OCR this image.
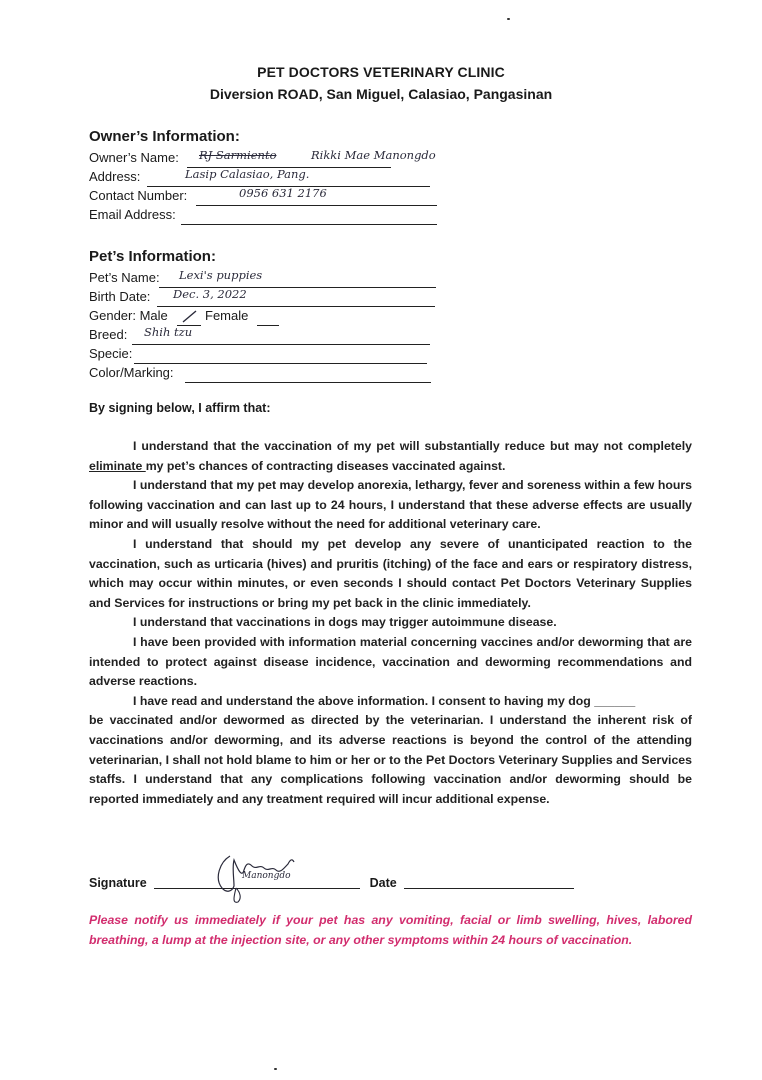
PET DOCTORS VETERINARY CLINIC
Diversion ROAD, San Miguel, Calasiao, Pangasinan
Owner’s Information:
Owner’s Name: RJ Sarmiento	Rikki Mae Manongdo
Address:	Lasip Calasiao, Pang.
Contact Number:	0956 631 2176
Email Address:
Pet’s Information:
Pet’s Name: Lexi's puppies
Birth Date: Dec. 3, 2022
Gender: Male	Female
Breed: Shih tzu
Specie:
Color/Marking:
By signing below, I affirm that:

I understand that the vaccination of my pet will substantially reduce but may not completely eliminate my pet’s chances of contracting diseases vaccinated against.

I understand that my pet may develop anorexia, lethargy, fever and soreness within a few hours following vaccination and can last up to 24 hours, I understand that these adverse effects are usually minor and will usually resolve without the need for additional veterinary care.

I understand that should my pet develop any severe of unanticipated reaction to the vaccination, such as urticaria (hives) and pruritis (itching) of the face and ears or respiratory distress, which may occur within minutes, or even seconds I should contact Pet Doctors Veterinary Supplies and Services for instructions or bring my pet back in the clinic immediately.

I understand that vaccinations in dogs may trigger autoimmune disease.

I have been provided with information material concerning vaccines and/or deworming that are intended to protect against disease incidence, vaccination and deworming recommendations and adverse reactions.

I have read and understand the above information. I consent to having my dog ______

be vaccinated and/or dewormed as directed by the veterinarian. I understand the inherent risk of vaccinations and/or deworming, and its adverse reactions is beyond the control of the attending veterinarian, I shall not hold blame to him or her or to the Pet Doctors Veterinary Supplies and Services staffs. I understand that any complications following vaccination and/or deworming should be reported immediately and any treatment required will incur additional expense.

Signature	Date
Manongdo
Please notify us immediately if your pet has any vomiting, facial or limb swelling, hives, labored breathing, a lump at the injection site, or any other symptoms within 24 hours of vaccination.
